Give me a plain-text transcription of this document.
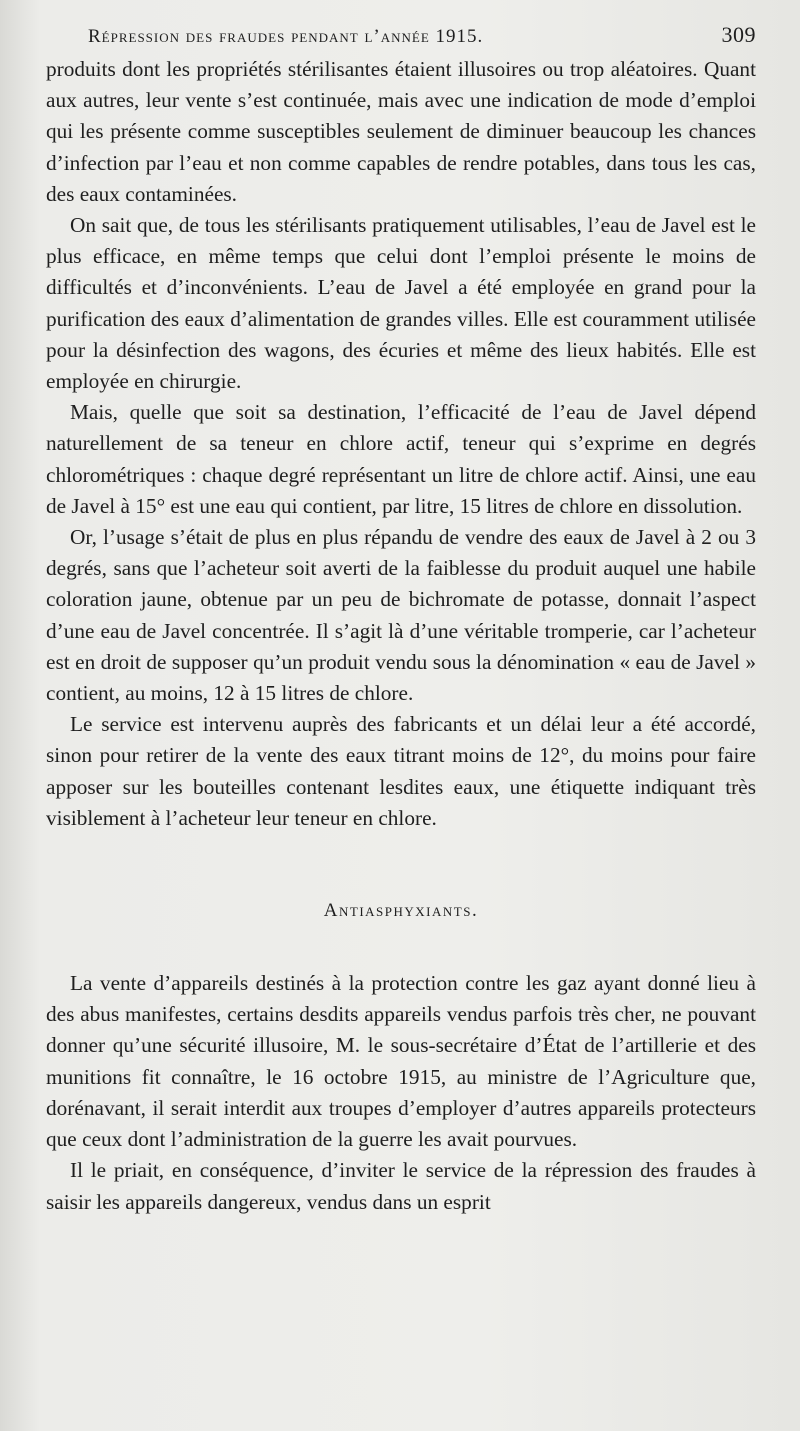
Répression des fraudes pendant l’année 1915.	309

produits dont les propriétés stérilisantes étaient illusoires ou trop aléatoires. Quant aux autres, leur vente s’est continuée, mais avec une indication de mode d’emploi qui les présente comme susceptibles seulement de diminuer beaucoup les chances d’infection par l’eau et non comme capables de rendre potables, dans tous les cas, des eaux contaminées.

On sait que, de tous les stérilisants pratiquement utilisables, l’eau de Javel est le plus efficace, en même temps que celui dont l’emploi présente le moins de difficultés et d’inconvénients. L’eau de Javel a été employée en grand pour la purification des eaux d’alimentation de grandes villes. Elle est couramment utilisée pour la désinfection des wagons, des écuries et même des lieux habités. Elle est employée en chirurgie.

Mais, quelle que soit sa destination, l’efficacité de l’eau de Javel dépend naturellement de sa teneur en chlore actif, teneur qui s’exprime en degrés chlorométriques : chaque degré représentant un litre de chlore actif. Ainsi, une eau de Javel à 15° est une eau qui contient, par litre, 15 litres de chlore en dissolution.

Or, l’usage s’était de plus en plus répandu de vendre des eaux de Javel à 2 ou 3 degrés, sans que l’acheteur soit averti de la faiblesse du produit auquel une habile coloration jaune, obtenue par un peu de bichromate de potasse, donnait l’aspect d’une eau de Javel concentrée. Il s’agit là d’une véritable tromperie, car l’acheteur est en droit de supposer qu’un produit vendu sous la dénomination « eau de Javel » contient, au moins, 12 à 15 litres de chlore.

Le service est intervenu auprès des fabricants et un délai leur a été accordé, sinon pour retirer de la vente des eaux titrant moins de 12°, du moins pour faire apposer sur les bouteilles contenant lesdites eaux, une étiquette indiquant très visiblement à l’acheteur leur teneur en chlore.

Antiasphyxiants.

La vente d’appareils destinés à la protection contre les gaz ayant donné lieu à des abus manifestes, certains desdits appareils vendus parfois très cher, ne pouvant donner qu’une sécurité illusoire, M. le sous-secrétaire d’État de l’artillerie et des munitions fit connaître, le 16 octobre 1915, au ministre de l’Agriculture que, dorénavant, il serait interdit aux troupes d’employer d’autres appareils protecteurs que ceux dont l’administration de la guerre les avait pourvues.

Il le priait, en conséquence, d’inviter le service de la répression des fraudes à saisir les appareils dangereux, vendus dans un esprit
